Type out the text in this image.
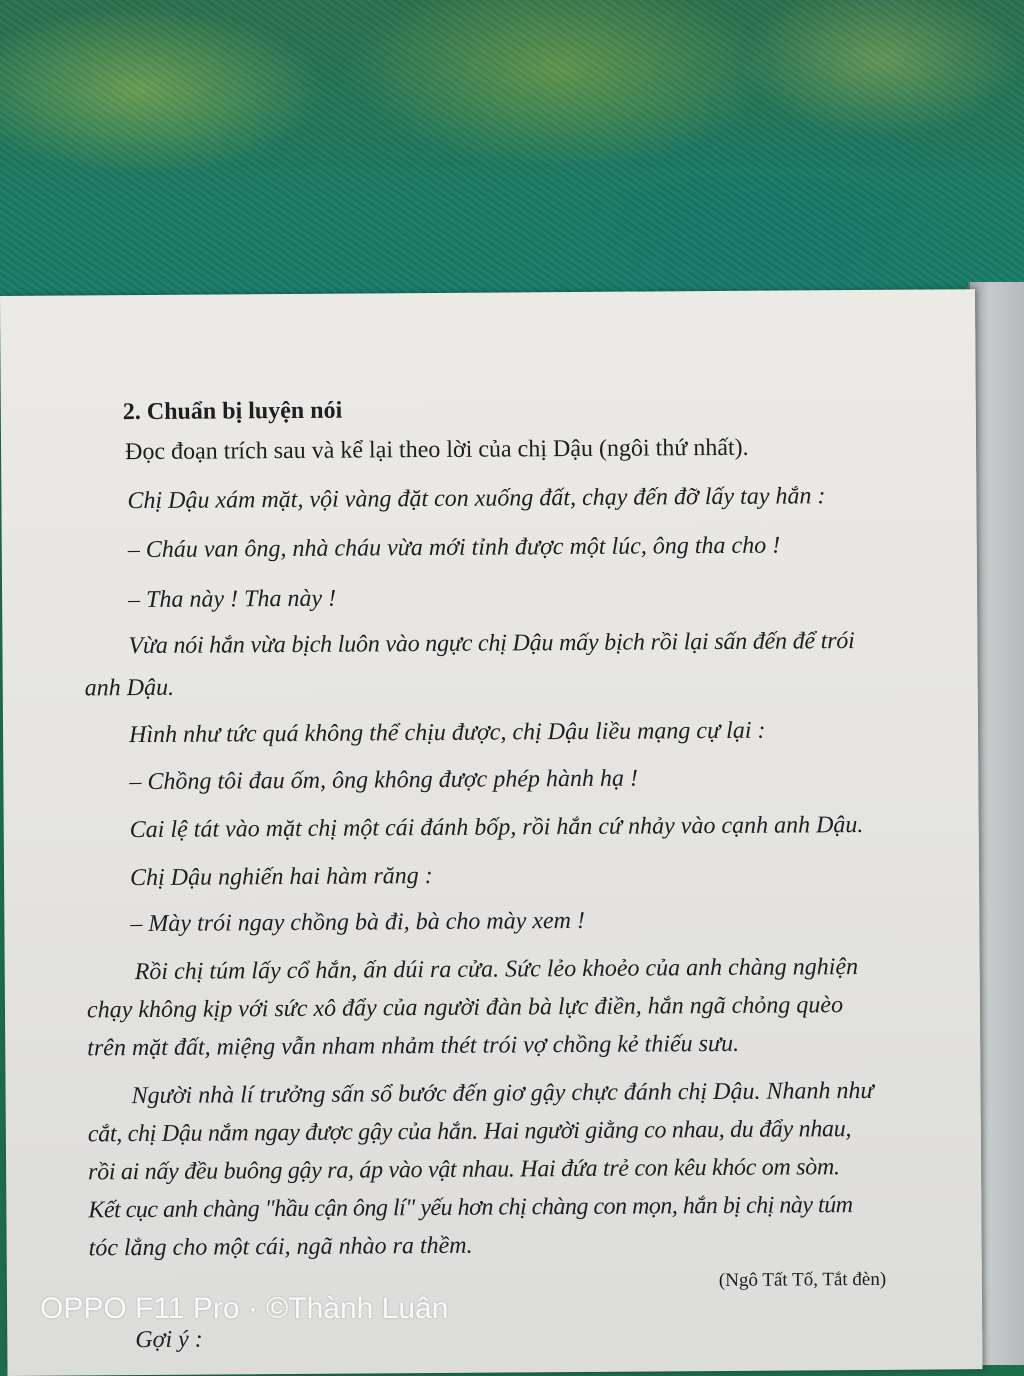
2. Chuẩn bị luyện nói
Đọc đoạn trích sau và kể lại theo lời của chị Dậu (ngôi thứ nhất).
Chị Dậu xám mặt, vội vàng đặt con xuống đất, chạy đến đỡ lấy tay hắn :
– Cháu van ông, nhà cháu vừa mới tỉnh được một lúc, ông tha cho !
– Tha này ! Tha này !
Vừa nói hắn vừa bịch luôn vào ngực chị Dậu mấy bịch rồi lại sấn đến để trói
anh Dậu.
Hình như tức quá không thể chịu được, chị Dậu liều mạng cự lại :
– Chồng tôi đau ốm, ông không được phép hành hạ !
Cai lệ tát vào mặt chị một cái đánh bốp, rồi hắn cứ nhảy vào cạnh anh Dậu.
Chị Dậu nghiến hai hàm răng :
– Mày trói ngay chồng bà đi, bà cho mày xem !
Rồi chị túm lấy cổ hắn, ấn dúi ra cửa. Sức lẻo khoẻo của anh chàng nghiện
chạy không kịp với sức xô đẩy của người đàn bà lực điền, hắn ngã chỏng quèo
trên mặt đất, miệng vẫn nham nhảm thét trói vợ chồng kẻ thiếu sưu.
Người nhà lí trưởng sấn sổ bước đến giơ gậy chực đánh chị Dậu. Nhanh như
cắt, chị Dậu nắm ngay được gậy của hắn. Hai người giằng co nhau, du đẩy nhau,
rồi ai nấy đều buông gậy ra, áp vào vật nhau. Hai đứa trẻ con kêu khóc om sòm.
Kết cục anh chàng "hầu cận ông lí" yếu hơn chị chàng con mọn, hắn bị chị này túm
tóc lẳng cho một cái, ngã nhào ra thềm.
(Ngô Tất Tố, Tắt đèn)
Gợi ý :
OPPO F11 Pro · ©Thành Luân
